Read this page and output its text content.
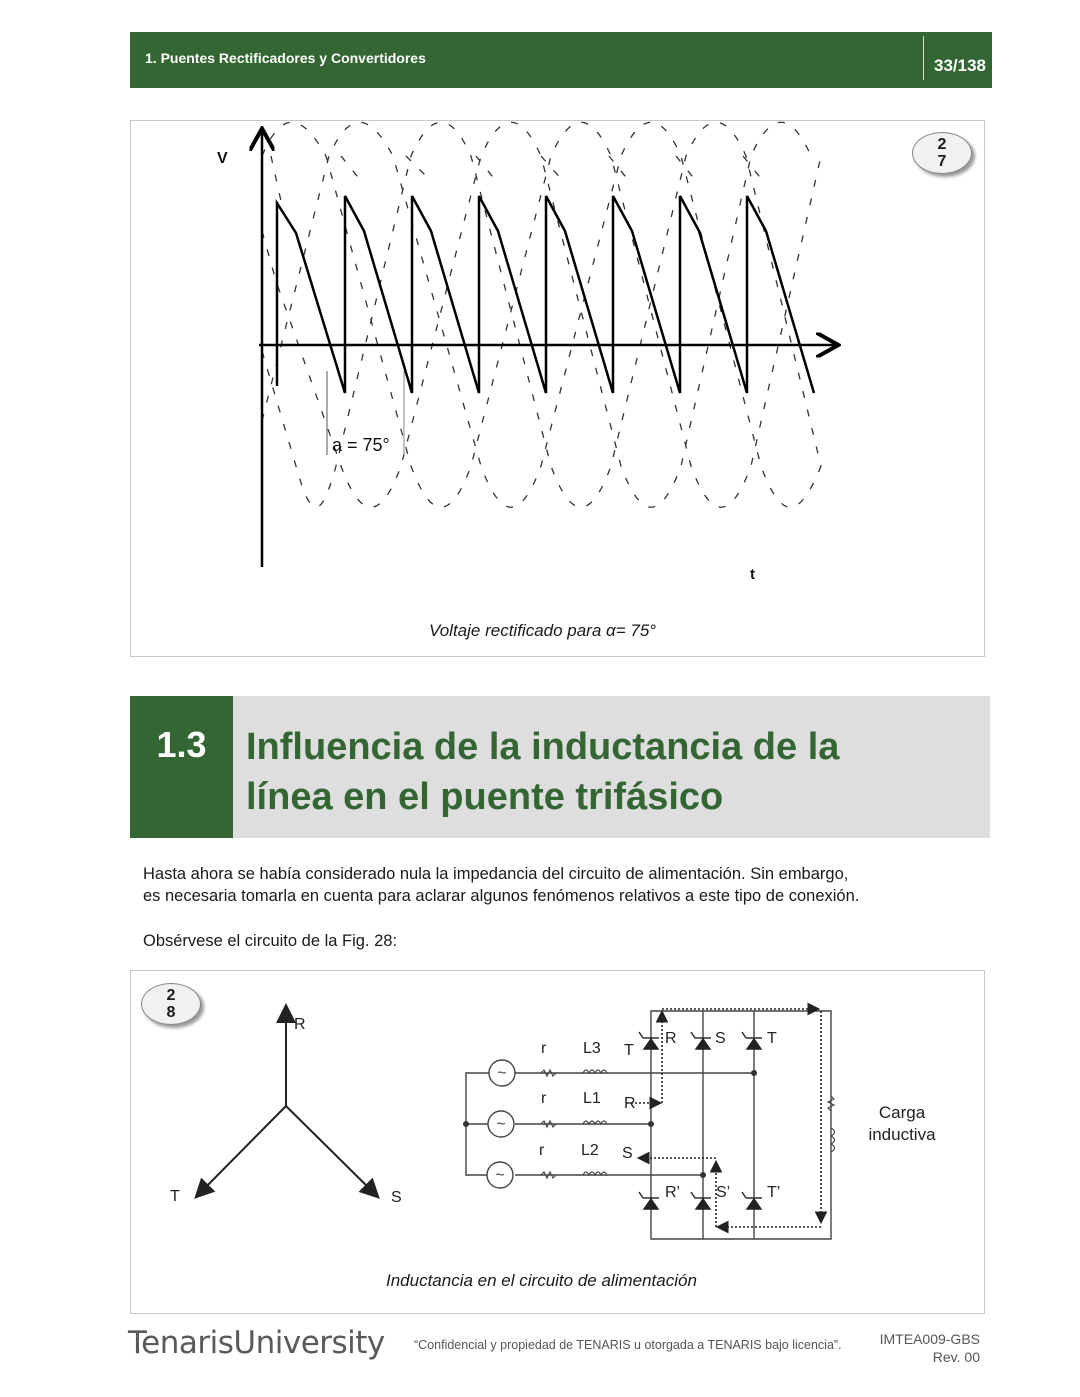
1. Puentes Rectificadores y Convertidores	33/138
a = 75°
V
t
2
7
Voltaje rectificado para α= 75°
1.3	Influencia de la inductancia de la
línea en el puente trifásico
Hasta ahora se había considerado nula la impedancia del circuito de alimentación. Sin embargo,
es necesaria tomarla en cuenta para aclarar algunos fenómenos relativos a este tipo de conexión.
Obsérvese el circuito de la Fig. 28:
2
8
R
T	S
~
~
~
r
r
r
L3
L1
L2
T
R
S
R S	T
R’ S’ T’
Carga
inductiva
Inductancia en el circuito de alimentación
TenarisUniversity “Confidencial y propiedad de TENARIS u otorgada a TENARIS bajo licencia”.	IMTEA009-GBS
Rev. 00
